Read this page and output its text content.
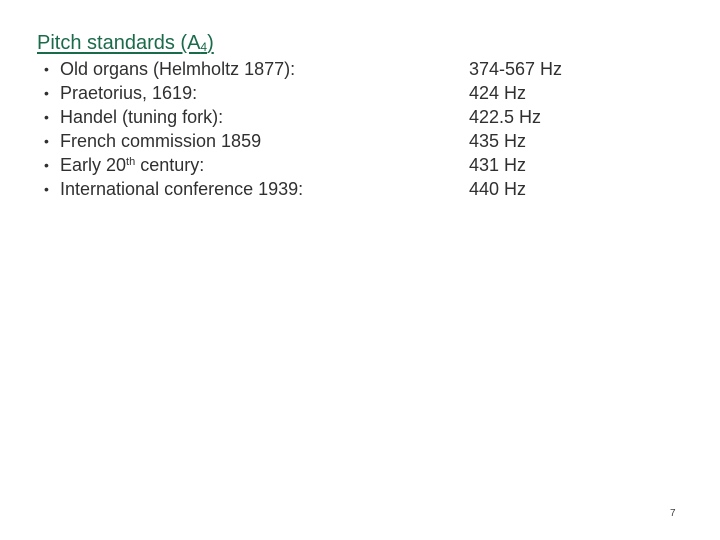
Pitch standards $(A_4)$
• Old organs (Helmholtz 1877):	374-567 Hz
• Praetorius, 1619:	424 Hz
• Handel (tuning fork):	422.5 Hz
• French commission 1859	435 Hz
• Early 20th century:	431 Hz
• International conference 1939:	440 Hz
7
